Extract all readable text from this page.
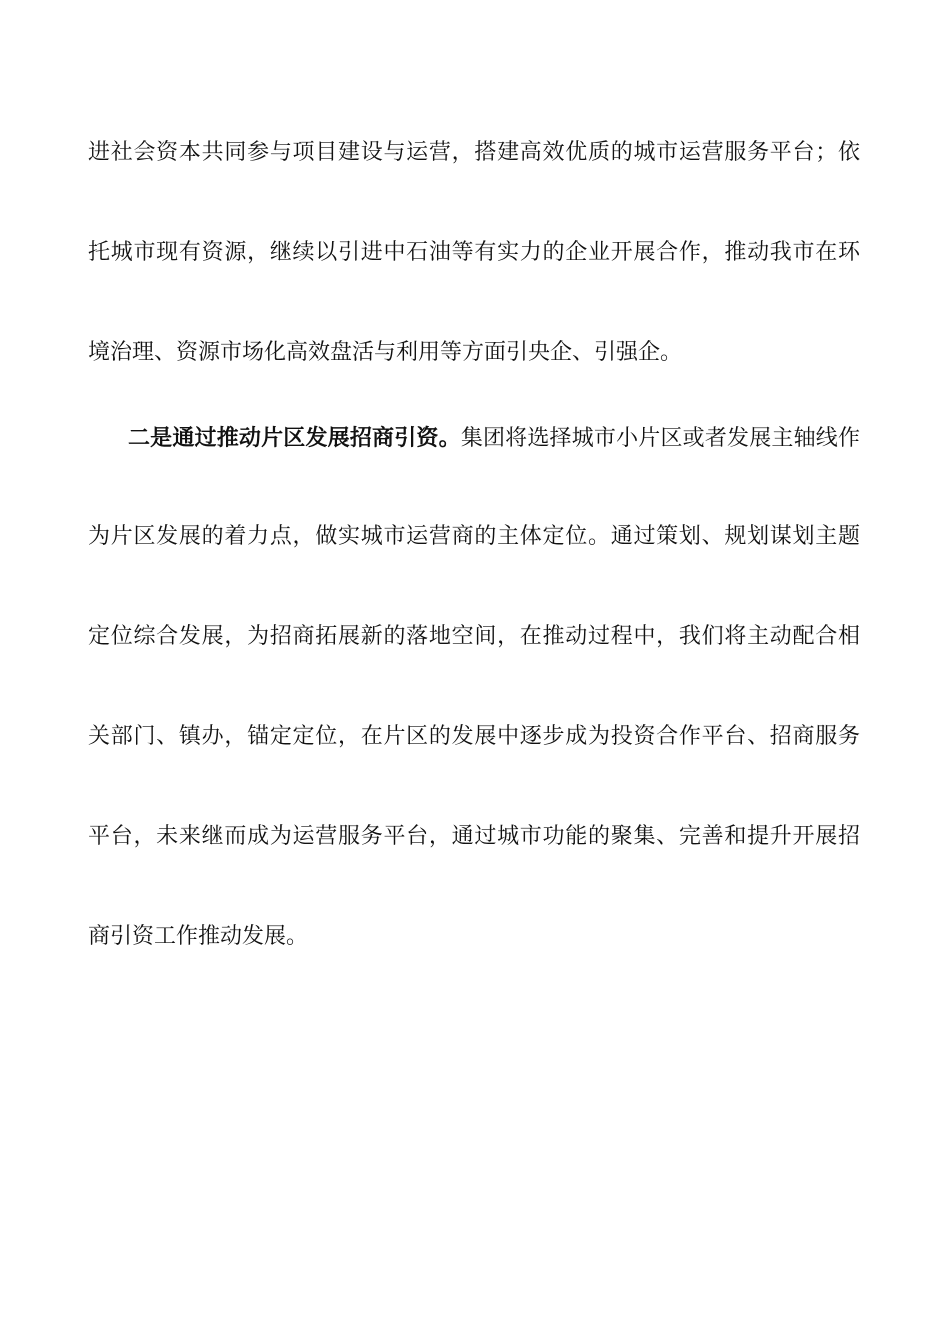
进社会资本共同参与项目建设与运营，搭建高效优质的城市运营服务平台；依
托城市现有资源，继续以引进中石油等有实力的企业开展合作，推动我市在环
境治理、资源市场化高效盘活与利用等方面引央企、引强企。
二是通过推动片区发展招商引资。集团将选择城市小片区或者发展主轴线作
为片区发展的着力点，做实城市运营商的主体定位。通过策划、规划谋划主题
定位综合发展，为招商拓展新的落地空间，在推动过程中，我们将主动配合相
关部门、镇办，锚定定位，在片区的发展中逐步成为投资合作平台、招商服务
平台，未来继而成为运营服务平台，通过城市功能的聚集、完善和提升开展招
商引资工作推动发展。
